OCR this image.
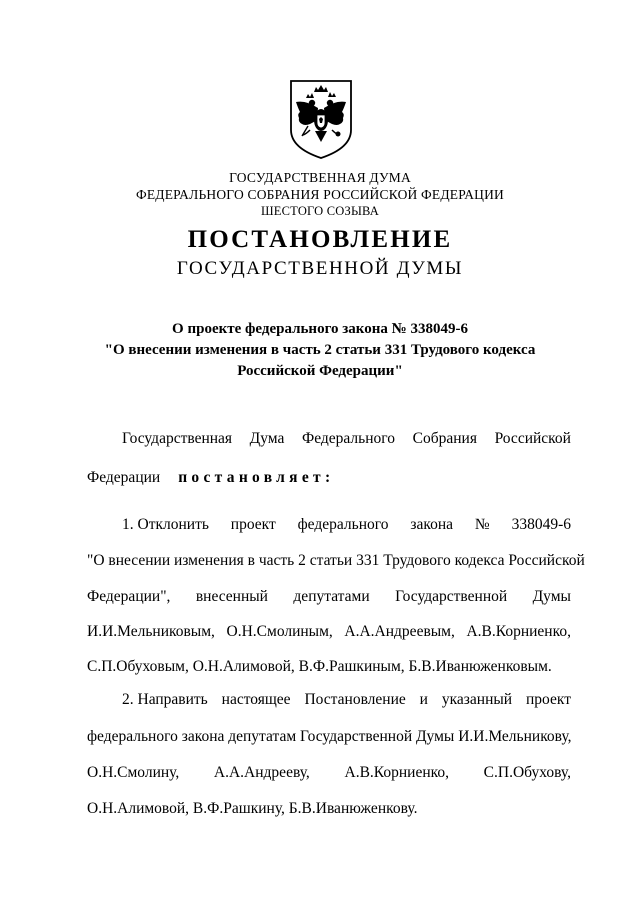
ГОСУДАРСТВЕННАЯ ДУМА
ФЕДЕРАЛЬНОГО СОБРАНИЯ РОССИЙСКОЙ ФЕДЕРАЦИИ
ШЕСТОГО СОЗЫВА
ПОСТАНОВЛЕНИЕ
ГОСУДАРСТВЕННОЙ ДУМЫ
О проекте федерального закона № 338049-6
"О внесении изменения в часть 2 статьи 331 Трудового кодекса
Российской Федерации"
Государственная Дума Федерального Собрания Российской
Федерации постановляет:
1. Отклонить проект федерального закона № 338049-6
"О внесении изменения в часть 2 статьи 331 Трудового кодекса Российской
Федерации", внесенный депутатами Государственной Думы
И.И.Мельниковым, О.Н.Смолиным, А.А.Андреевым, А.В.Корниенко,
С.П.Обуховым, О.Н.Алимовой, В.Ф.Рашкиным, Б.В.Иванюженковым.
2. Направить настоящее Постановление и указанный проект
федерального закона депутатам Государственной Думы И.И.Мельникову,
О.Н.Смолину, А.А.Андрееву, А.В.Корниенко, С.П.Обухову,
О.Н.Алимовой, В.Ф.Рашкину, Б.В.Иванюженкову.
